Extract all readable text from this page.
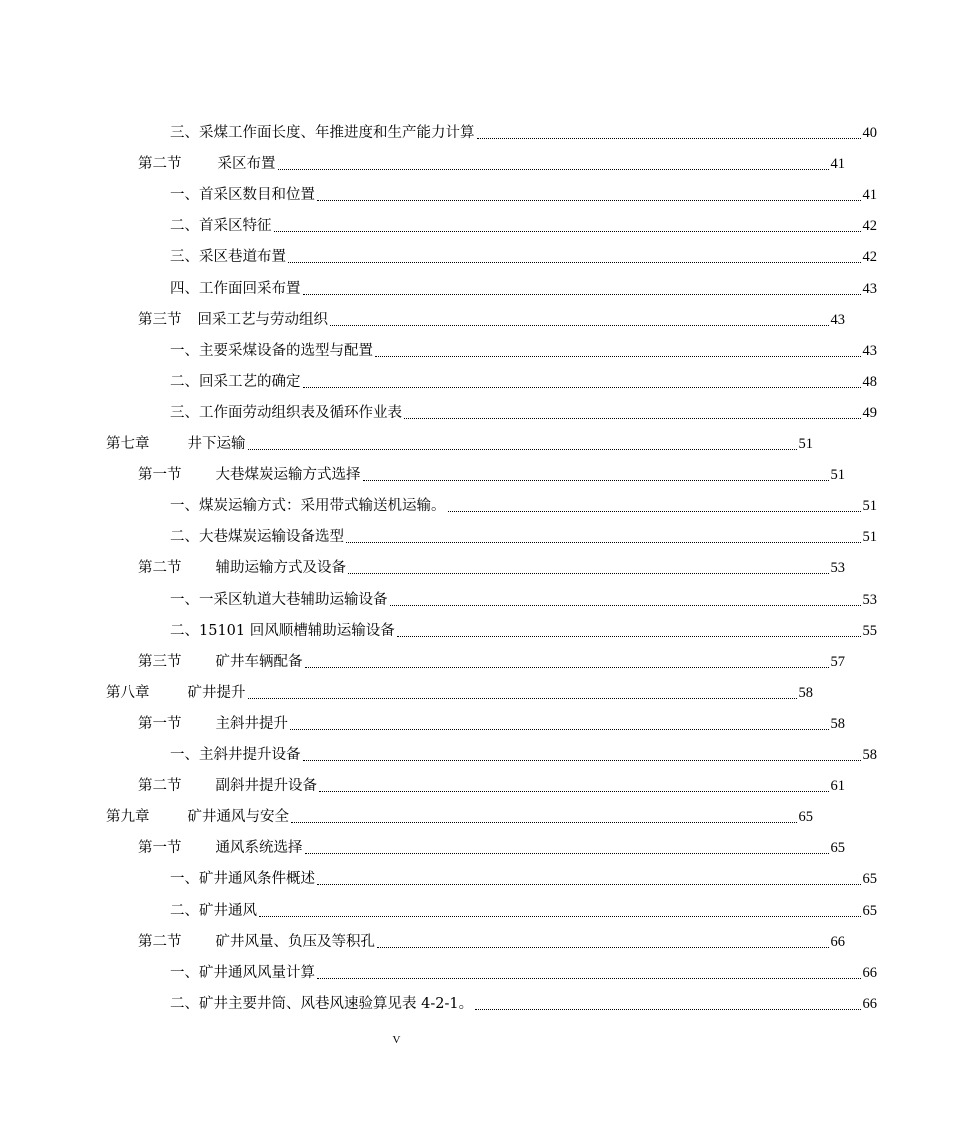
三、采煤工作面长度、年推进度和生产能力计算	40
第二节 采区布置	41
一、首采区数目和位置	41
二、首采区特征	42
三、采区巷道布置	42
四、工作面回采布置	43
第三节 回采工艺与劳动组织	43
一、主要采煤设备的选型与配置	43
二、回采工艺的确定	48
三、工作面劳动组织表及循环作业表	49
第七章	井下运输	51
第一节 大巷煤炭运输方式选择	51
一、煤炭运输方式：采用带式输送机运输。	51
二、大巷煤炭运输设备选型	51
第二节 辅助运输方式及设备	53
一、一采区轨道大巷辅助运输设备	53
二、15101 回风顺槽辅助运输设备	55
第三节 矿井车辆配备	57
第八章	矿井提升	58
第一节 主斜井提升	58
一、主斜井提升设备	58
第二节 副斜井提升设备	61
第九章	矿井通风与安全	65
第一节 通风系统选择	65
一、矿井通风条件概述	65
二、矿井通风	65
第二节 矿井风量、负压及等积孔	66
一、矿井通风风量计算	66
二、矿井主要井筒、风巷风速验算见表 4-2-1。	66
V
